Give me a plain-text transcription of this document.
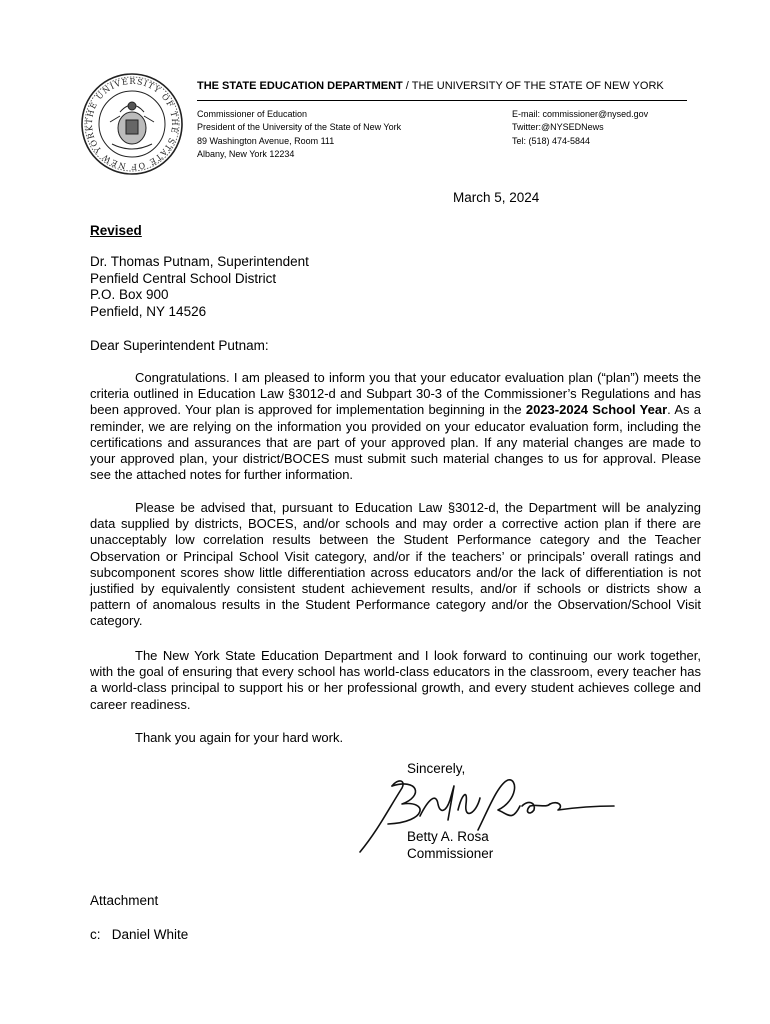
THE UNIVERSITY OF THE STATE OF NEW YORK
THE STATE EDUCATION DEPARTMENT / THE UNIVERSITY OF THE STATE OF NEW YORK
Commissioner of Education
President of the University of the State of New York
89 Washington Avenue, Room 111
Albany, New York 12234
E-mail: commissioner@nysed.gov
Twitter:@NYSEDNews
Tel: (518) 474-5844
March 5, 2024
Revised
Dr. Thomas Putnam, Superintendent
Penfield Central School District
P.O. Box 900
Penfield, NY 14526
Dear Superintendent Putnam:
Congratulations. I am pleased to inform you that your educator evaluation plan (“plan”) meets the criteria outlined in Education Law §3012-d and Subpart 30-3 of the Commissioner’s Regulations and has been approved. Your plan is approved for implementation beginning in the 2023-2024 School Year. As a reminder, we are relying on the information you provided on your educator evaluation form, including the certifications and assurances that are part of your approved plan. If any material changes are made to your approved plan, your district/BOCES must submit such material changes to us for approval. Please see the attached notes for further information.
Please be advised that, pursuant to Education Law §3012-d, the Department will be analyzing data supplied by districts, BOCES, and/or schools and may order a corrective action plan if there are unacceptably low correlation results between the Student Performance category and the Teacher Observation or Principal School Visit category, and/or if the teachers’ or principals’ overall ratings and subcomponent scores show little differentiation across educators and/or the lack of differentiation is not justified by equivalently consistent student achievement results, and/or if schools or districts show a pattern of anomalous results in the Student Performance category and/or the Observation/School Visit category.
The New York State Education Department and I look forward to continuing our work together, with the goal of ensuring that every school has world-class educators in the classroom, every teacher has a world-class principal to support his or her professional growth, and every student achieves college and career readiness.
Thank you again for your hard work.
Sincerely,
Betty A. Rosa
Commissioner
Attachment
c:   Daniel White
